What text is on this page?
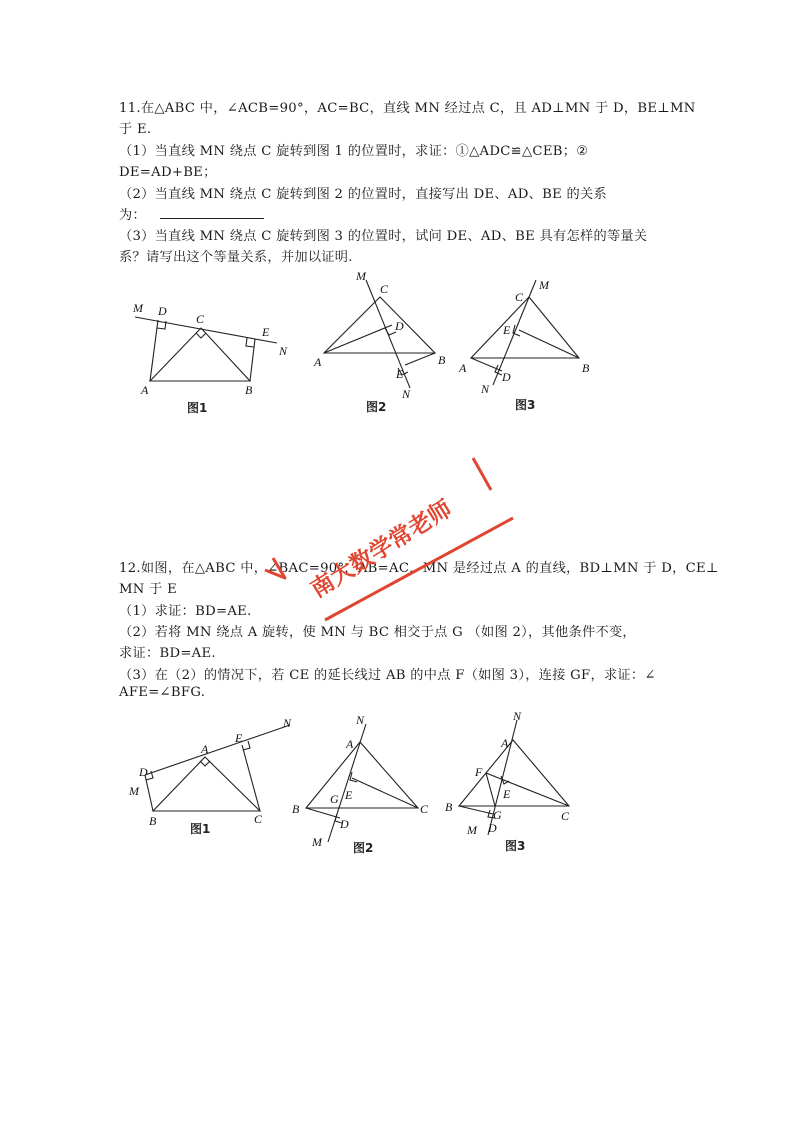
11.在△ABC 中，∠ACB=90°，AC=BC，直线 MN 经过点 C，且 AD⊥MN 于 D，BE⊥MN
于 E.
（1）当直线 MN 绕点 C 旋转到图 1 的位置时，求证：①△ADC≌△CEB；②
DE=AD+BE；
（2）当直线 MN 绕点 C 旋转到图 2 的位置时，直接写出 DE、AD、BE 的关系
为：
（3）当直线 MN 绕点 C 旋转到图 3 的位置时，试问 DE、AD、BE 具有怎样的等量关
系？请写出这个等量关系，并加以证明.
M D
C
E
N
A	B
图1
M
C
D
A	B
E
N
图2
C
M
E
A	B
N
D
图3
12.如图，在△ABC 中，∠BAC=90°，AB=AC，MN 是经过点 A 的直线，BD⊥MN 于 D，CE⊥
MN 于 E
（1）求证：BD=AE.
（2）若将 MN 绕点 A 旋转，使 MN 与 BC 相交于点 G （如图 2），其他条件不变，
求证：BD=AE.
（3）在（2）的情况下，若 CE 的延长线过 AB 的中点 F（如图 3），连接 GF，求证：∠
AFE=∠BFG.
N
E
A
D
M
B	C
图1
N
A
E
G
B	C
D
M	图2
N
A
F
E
B
G	C
D
M
图3
南大数学常老师
